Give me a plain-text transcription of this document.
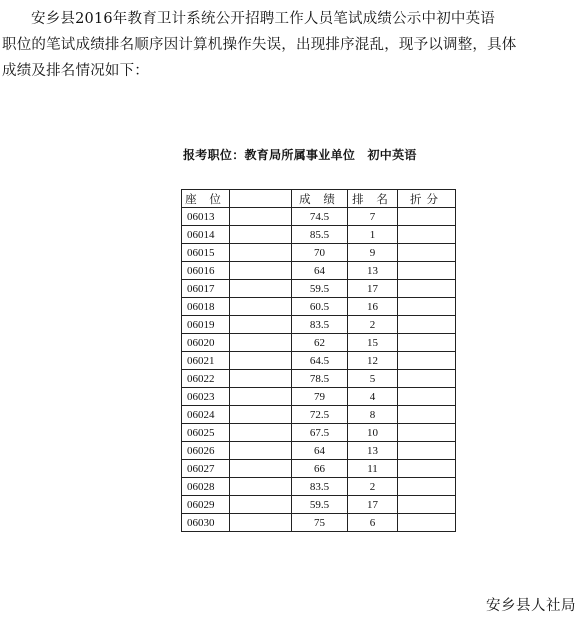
安乡县2016年教育卫计系统公开招聘工作人员笔试成绩公示中初中英语

职位的笔试成绩排名顺序因计算机操作失误，出现排序混乱，现予以调整，具体
成绩及排名情况如下：
报考职位：教育局所属事业单位　初中英语
座 位		成 绩	排 名	折分
06013		74.5	7	
06014		85.5	1	
06015		70	9	
06016		64	13	
06017		59.5	17	
06018		60.5	16	
06019		83.5	2	
06020		62	15	
06021		64.5	12	
06022		78.5	5	
06023		79	4	
06024		72.5	8	
06025		67.5	10	
06026		64	13	
06027		66	11	
06028		83.5	2	
06029		59.5	17	
06030		75	6	
安乡县人社局
